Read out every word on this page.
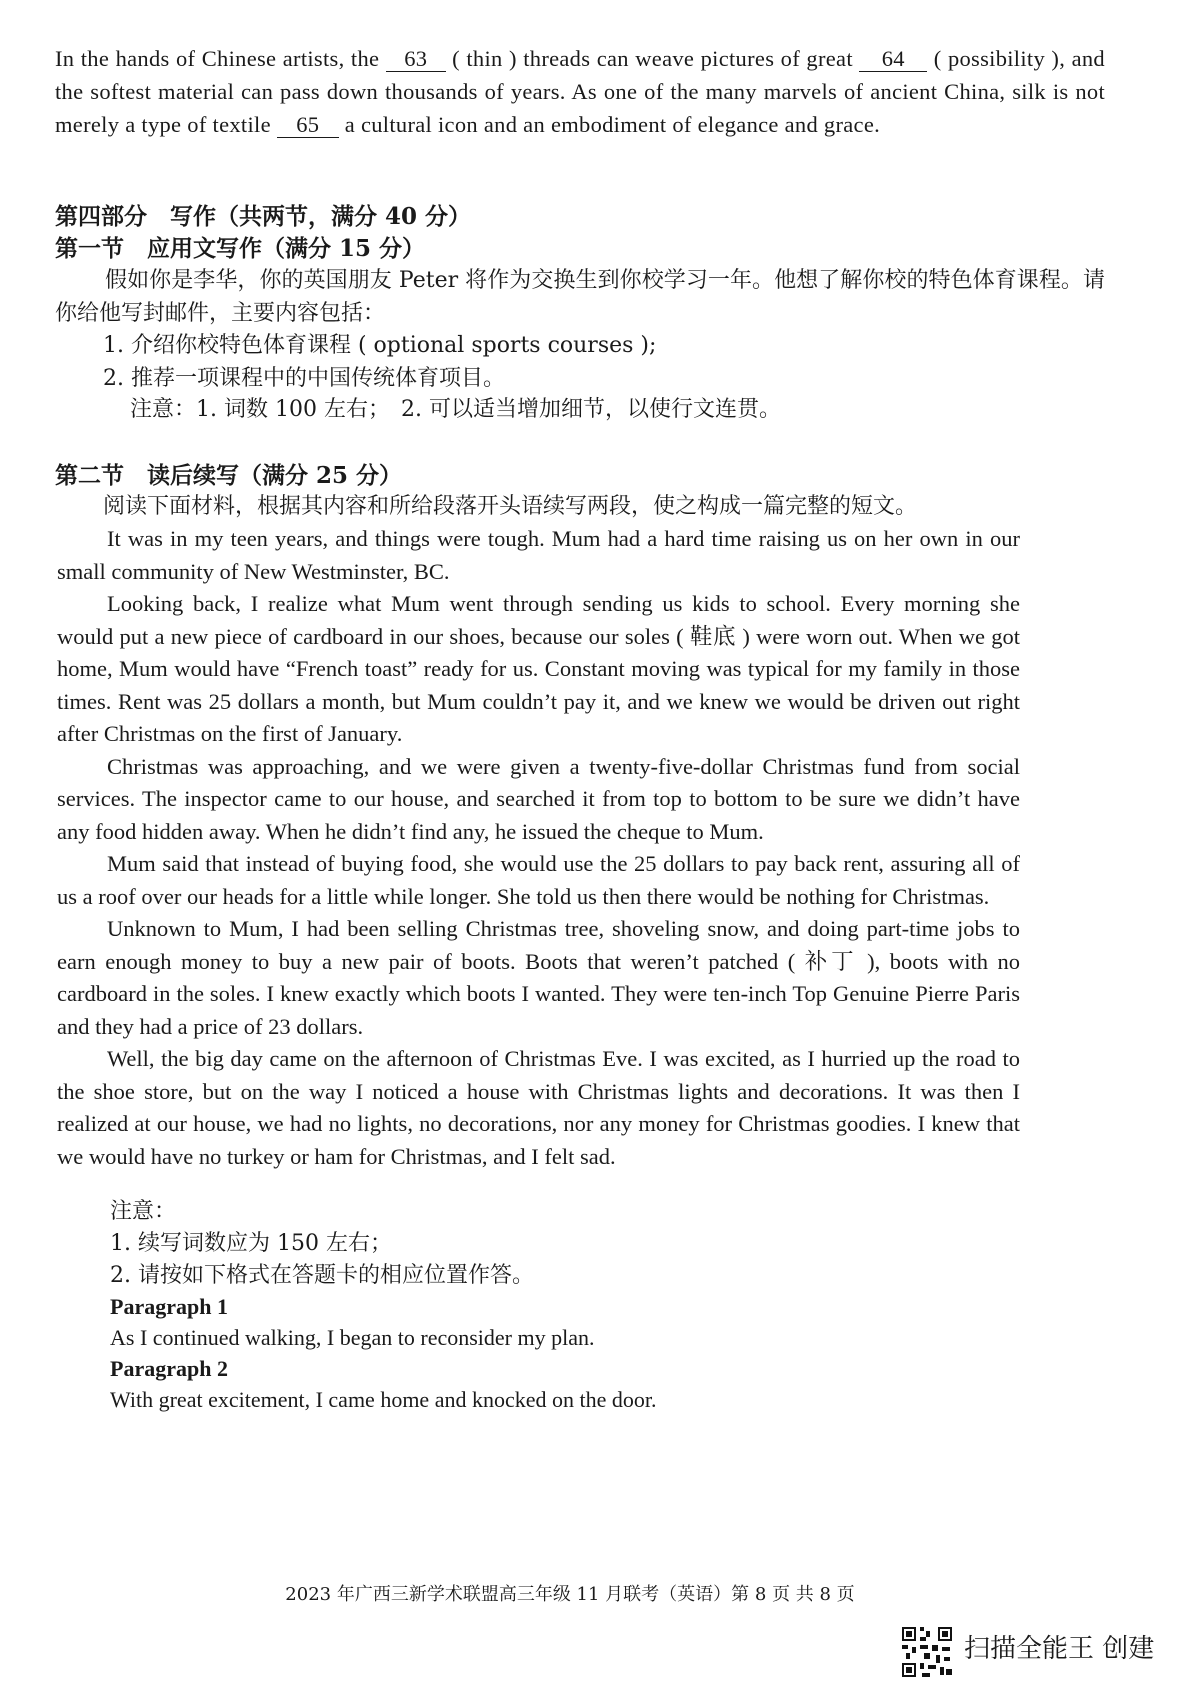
In the hands of Chinese artists, the 63 ( thin ) threads can weave pictures of great 64 ( possibility ), and the softest material can pass down thousands of years. As one of the many marvels of ancient China, silk is not merely a type of textile 65 a cultural icon and an embodiment of elegance and grace.
第四部分　写作（共两节，满分 40 分）
第一节　应用文写作（满分 15 分）
假如你是李华，你的英国朋友 Peter 将作为交换生到你校学习一年。他想了解你校的特色体育课程。请你给他写封邮件，主要内容包括：
1. 介绍你校特色体育课程 ( optional sports courses );
2. 推荐一项课程中的中国传统体育项目。
注意：1. 词数 100 左右；　2. 可以适当增加细节，以使行文连贯。
第二节　读后续写（满分 25 分）
阅读下面材料，根据其内容和所给段落开头语续写两段，使之构成一篇完整的短文。
It was in my teen years, and things were tough. Mum had a hard time raising us on her own in our small community of New Westminster, BC.
Looking back, I realize what Mum went through sending us kids to school. Every morning she would put a new piece of cardboard in our shoes, because our soles ( 鞋底 ) were worn out. When we got home, Mum would have “French toast” ready for us. Constant moving was typical for my family in those times. Rent was 25 dollars a month, but Mum couldn’t pay it, and we knew we would be driven out right after Christmas on the first of January.
Christmas was approaching, and we were given a twenty-five-dollar Christmas fund from social services. The inspector came to our house, and searched it from top to bottom to be sure we didn’t have any food hidden away. When he didn’t find any, he issued the cheque to Mum.
Mum said that instead of buying food, she would use the 25 dollars to pay back rent, assuring all of us a roof over our heads for a little while longer. She told us then there would be nothing for Christmas.
Unknown to Mum, I had been selling Christmas tree, shoveling snow, and doing part-time jobs to earn enough money to buy a new pair of boots. Boots that weren’t patched ( 补丁 ), boots with no cardboard in the soles. I knew exactly which boots I wanted. They were ten-inch Top Genuine Pierre Paris and they had a price of 23 dollars.
Well, the big day came on the afternoon of Christmas Eve. I was excited, as I hurried up the road to the shoe store, but on the way I noticed a house with Christmas lights and decorations. It was then I realized at our house, we had no lights, no decorations, nor any money for Christmas goodies. I knew that we would have no turkey or ham for Christmas, and I felt sad.
注意：
1. 续写词数应为 150 左右；
2. 请按如下格式在答题卡的相应位置作答。
Paragraph 1
As I continued walking, I began to reconsider my plan.
Paragraph 2
With great excitement, I came home and knocked on the door.
2023 年广西三新学术联盟高三年级 11 月联考（英语）第 8 页 共 8 页
扫描全能王 创建
